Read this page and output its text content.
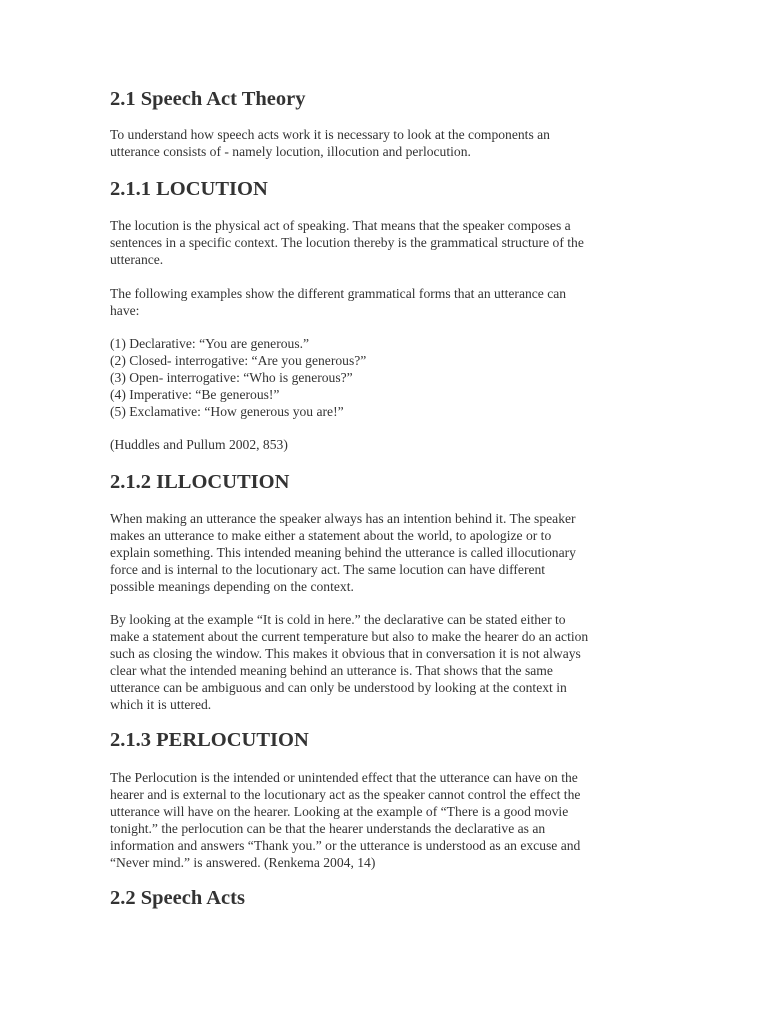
2.1 Speech Act Theory

To understand how speech acts work it is necessary to look at the components an
utterance consists of - namely locution, illocution and perlocution.

2.1.1 LOCUTION

The locution is the physical act of speaking. That means that the speaker composes a
sentences in a specific context. The locution thereby is the grammatical structure of the
utterance.

The following examples show the different grammatical forms that an utterance can
have:

(1) Declarative: “You are generous.”
(2) Closed- interrogative: “Are you generous?”
(3) Open- interrogative: “Who is generous?”
(4) Imperative: “Be generous!”
(5) Exclamative: “How generous you are!”

(Huddles and Pullum 2002, 853)

2.1.2 ILLOCUTION

When making an utterance the speaker always has an intention behind it. The speaker
makes an utterance to make either a statement about the world, to apologize or to
explain something. This intended meaning behind the utterance is called illocutionary
force and is internal to the locutionary act. The same locution can have different
possible meanings depending on the context.

By looking at the example “It is cold in here.” the declarative can be stated either to
make a statement about the current temperature but also to make the hearer do an action
such as closing the window. This makes it obvious that in conversation it is not always
clear what the intended meaning behind an utterance is. That shows that the same
utterance can be ambiguous and can only be understood by looking at the context in
which it is uttered.

2.1.3 PERLOCUTION

The Perlocution is the intended or unintended effect that the utterance can have on the
hearer and is external to the locutionary act as the speaker cannot control the effect the
utterance will have on the hearer. Looking at the example of “There is a good movie
tonight.” the perlocution can be that the hearer understands the declarative as an
information and answers “Thank you.” or the utterance is understood as an excuse and
“Never mind.” is answered. (Renkema 2004, 14)

2.2 Speech Acts
